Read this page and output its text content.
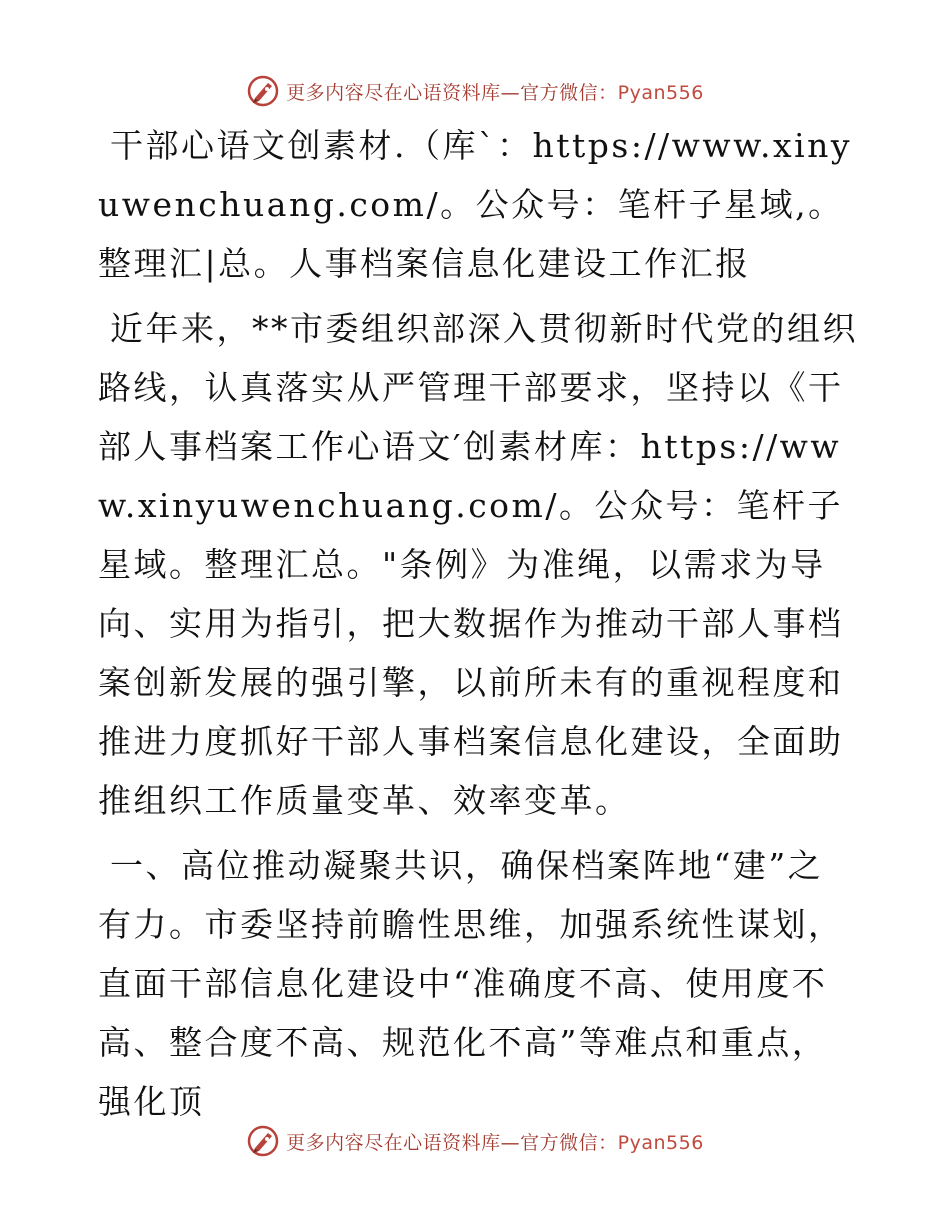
更多内容尽在心语资料库—官方微信：Pyan556

干部心语文创素材.（库`：https://www.xinyuwenchuang.com/。公众号：笔杆子星域,。整理汇|总。人事档案信息化建设工作汇报

近年来，**市委组织部深入贯彻新时代党的组织路线，认真落实从严管理干部要求，坚持以《干部人事档案工作心语文′创素材库：https://www.xinyuwenchuang.com/。公众号：笔杆子星域。整理汇总。"条例》为准绳，以需求为导向、实用为指引，把大数据作为推动干部人事档案创新发展的强引擎，以前所未有的重视程度和推进力度抓好干部人事档案信息化建设，全面助推组织工作质量变革、效率变革。

一、高位推动凝聚共识，确保档案阵地“建”之有力。市委坚持前瞻性思维，加强系统性谋划，直面干部信息化建设中“准确度不高、使用度不高、整合度不高、规范化不高”等难点和重点，强化顶

更多内容尽在心语资料库—官方微信：Pyan556
